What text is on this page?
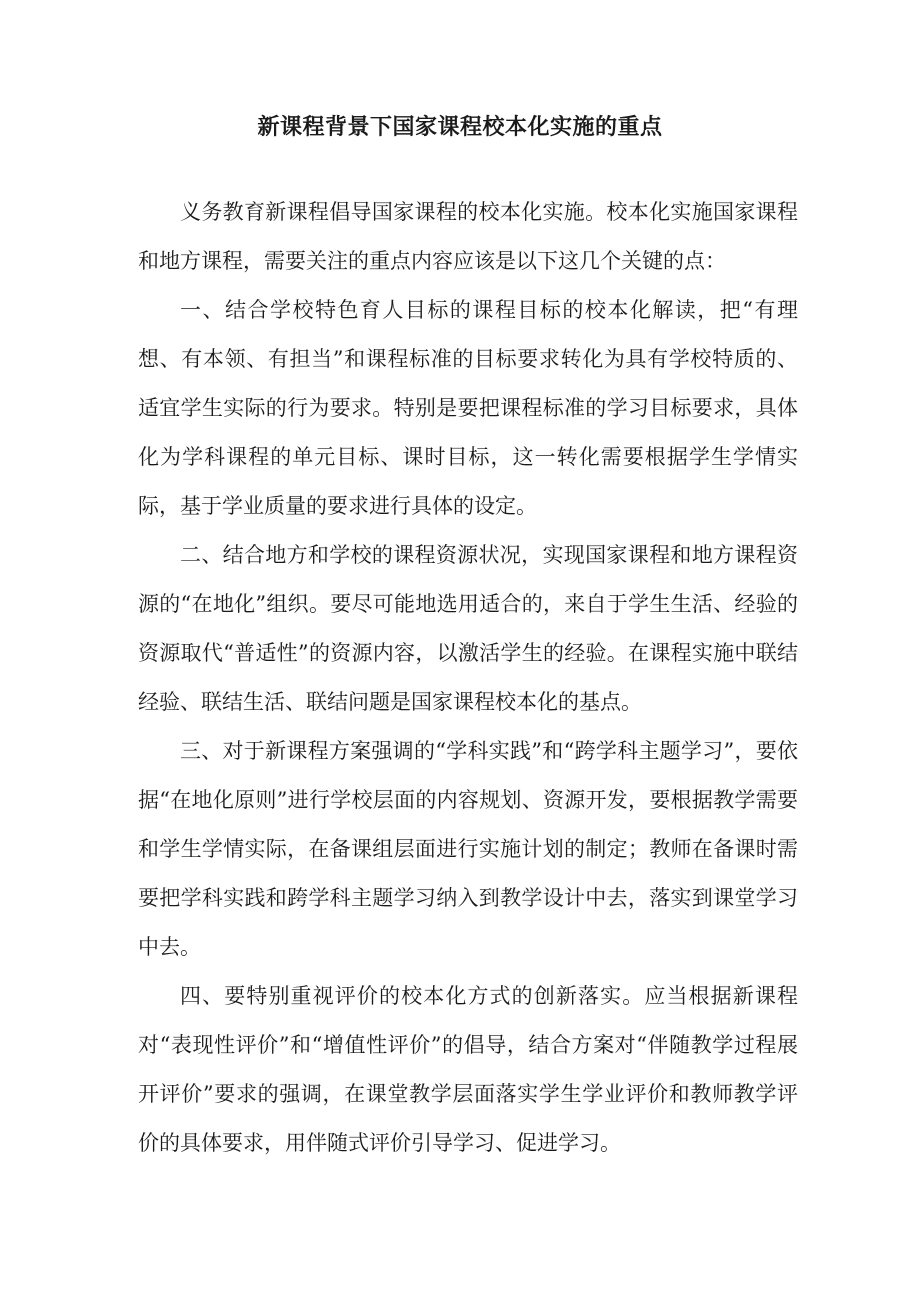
新课程背景下国家课程校本化实施的重点

义务教育新课程倡导国家课程的校本化实施。校本化实施国家课程和地方课程，需要关注的重点内容应该是以下这几个关键的点：

一、结合学校特色育人目标的课程目标的校本化解读，把“有理想、有本领、有担当”和课程标准的目标要求转化为具有学校特质的、适宜学生实际的行为要求。特别是要把课程标准的学习目标要求，具体化为学科课程的单元目标、课时目标，这一转化需要根据学生学情实际，基于学业质量的要求进行具体的设定。

二、结合地方和学校的课程资源状况，实现国家课程和地方课程资源的“在地化”组织。要尽可能地选用适合的，来自于学生生活、经验的资源取代“普适性”的资源内容，以激活学生的经验。在课程实施中联结经验、联结生活、联结问题是国家课程校本化的基点。

三、对于新课程方案强调的“学科实践”和“跨学科主题学习”，要依据“在地化原则”进行学校层面的内容规划、资源开发，要根据教学需要和学生学情实际，在备课组层面进行实施计划的制定；教师在备课时需要把学科实践和跨学科主题学习纳入到教学设计中去，落实到课堂学习中去。

四、要特别重视评价的校本化方式的创新落实。应当根据新课程对“表现性评价”和“增值性评价”的倡导，结合方案对“伴随教学过程展开评价”要求的强调，在课堂教学层面落实学生学业评价和教师教学评价的具体要求，用伴随式评价引导学习、促进学习。
